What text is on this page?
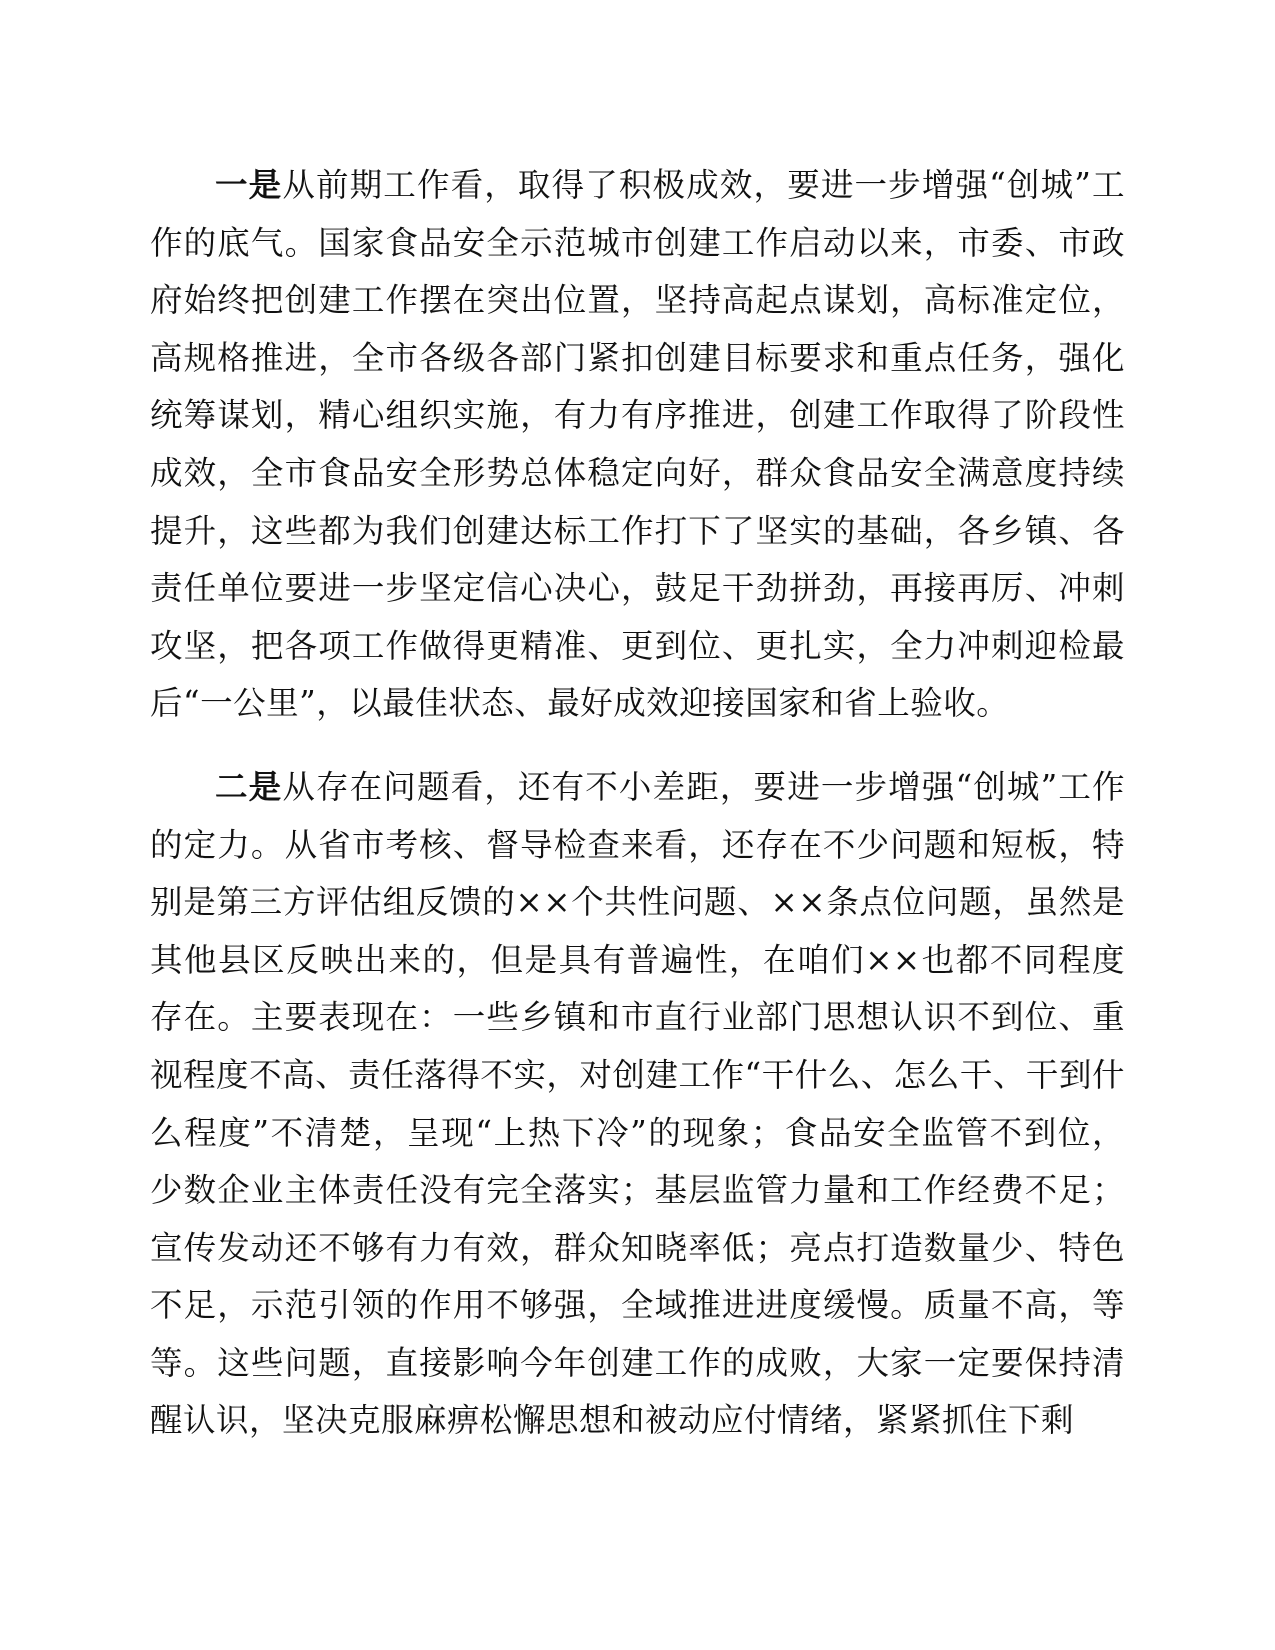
一是从前期工作看，取得了积极成效，要进一步增强“创城”工作的底气。国家食品安全示范城市创建工作启动以来，市委、市政府始终把创建工作摆在突出位置，坚持高起点谋划，高标准定位，高规格推进，全市各级各部门紧扣创建目标要求和重点任务，强化统筹谋划，精心组织实施，有力有序推进，创建工作取得了阶段性成效，全市食品安全形势总体稳定向好，群众食品安全满意度持续提升，这些都为我们创建达标工作打下了坚实的基础，各乡镇、各责任单位要进一步坚定信心决心，鼓足干劲拼劲，再接再厉、冲刺攻坚，把各项工作做得更精准、更到位、更扎实，全力冲刺迎检最后“一公里”，以最佳状态、最好成效迎接国家和省上验收。

二是从存在问题看，还有不小差距，要进一步增强“创城”工作的定力。从省市考核、督导检查来看，还存在不少问题和短板，特别是第三方评估组反馈的××个共性问题、××条点位问题，虽然是其他县区反映出来的，但是具有普遍性，在咱们××也都不同程度存在。主要表现在：一些乡镇和市直行业部门思想认识不到位、重视程度不高、责任落得不实，对创建工作“干什么、怎么干、干到什么程度”不清楚，呈现“上热下冷”的现象；食品安全监管不到位，少数企业主体责任没有完全落实；基层监管力量和工作经费不足；宣传发动还不够有力有效，群众知晓率低；亮点打造数量少、特色不足，示范引领的作用不够强，全域推进进度缓慢。质量不高，等等。这些问题，直接影响今年创建工作的成败，大家一定要保持清醒认识，坚决克服麻痹松懈思想和被动应付情绪，紧紧抓住下剩
